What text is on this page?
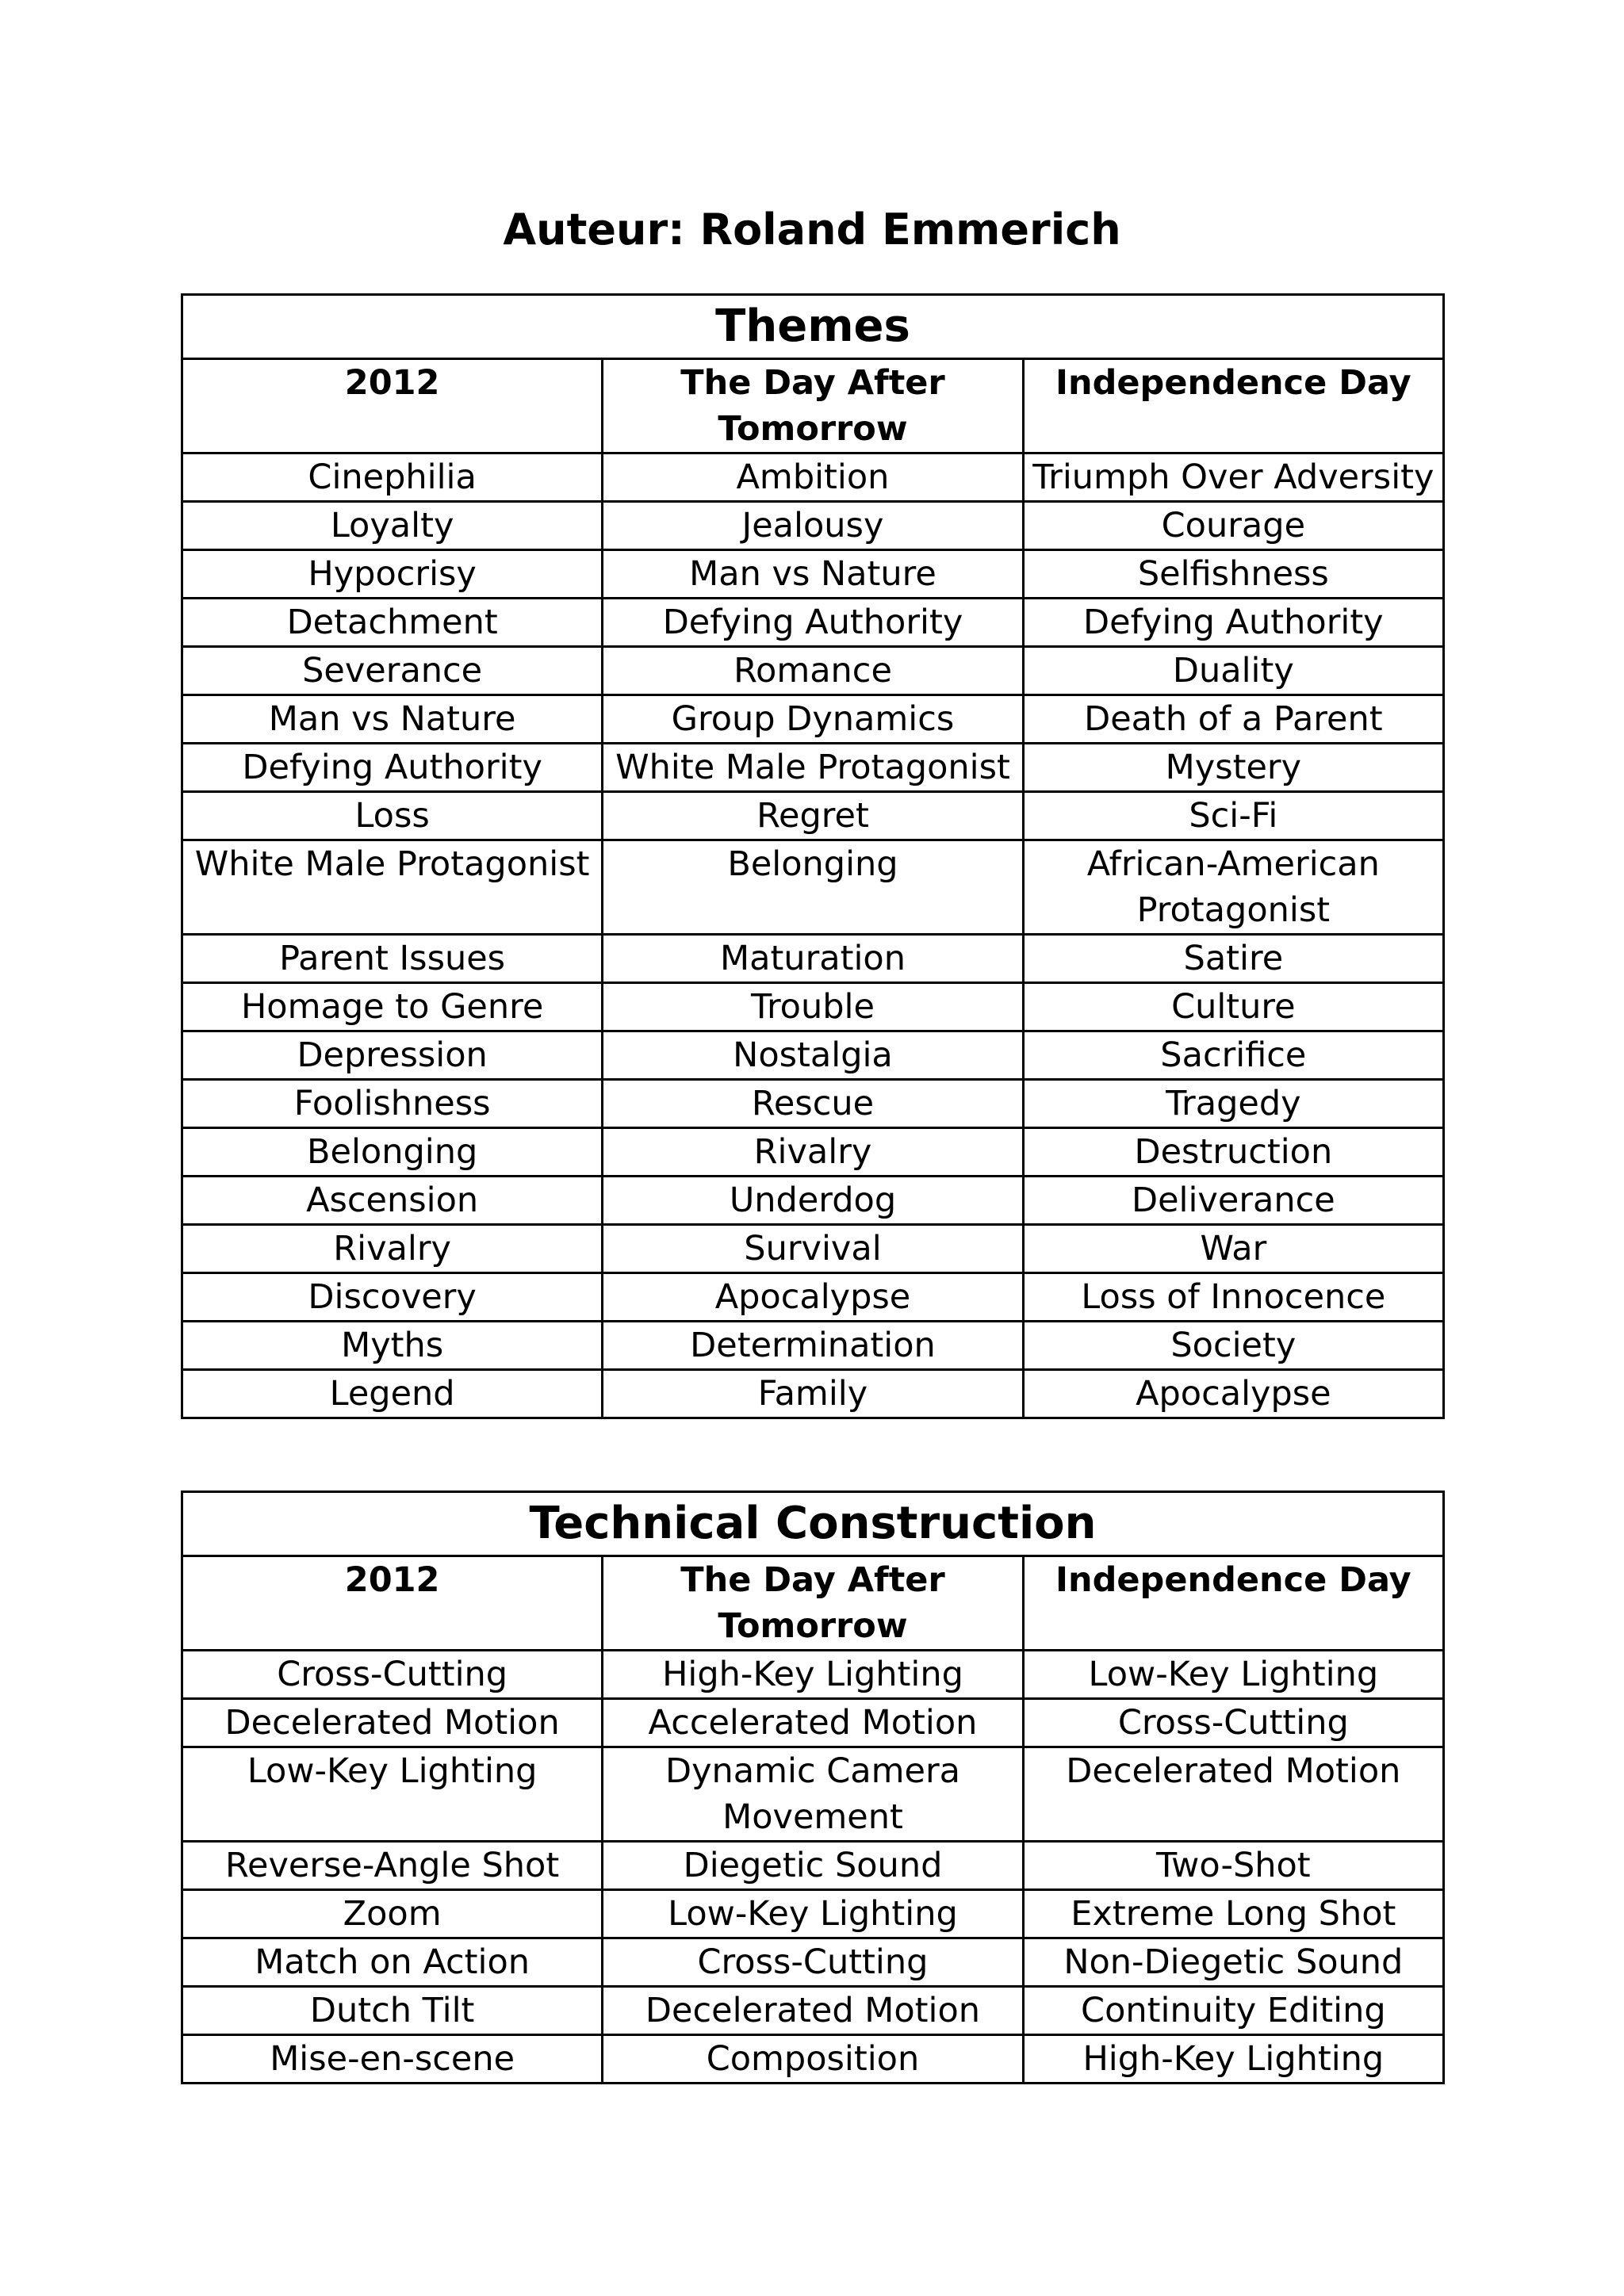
Auteur: Roland Emmerich
Themes		
2012	The Day After Tomorrow	Independence Day
Cinephilia	Ambition	Triumph Over Adversity
Loyalty	Jealousy	Courage
Hypocrisy	Man vs Nature	Selfishness
Detachment	Defying Authority	Defying Authority
Severance	Romance	Duality
Man vs Nature	Group Dynamics	Death of a Parent
Defying Authority	White Male Protagonist	Mystery
Loss	Regret	Sci-Fi
White Male Protagonist	Belonging	African-American Protagonist
Parent Issues	Maturation	Satire
Homage to Genre	Trouble	Culture
Depression	Nostalgia	Sacrifice
Foolishness	Rescue	Tragedy
Belonging	Rivalry	Destruction
Ascension	Underdog	Deliverance
Rivalry	Survival	War
Discovery	Apocalypse	Loss of Innocence
Myths	Determination	Society
Legend	Family	Apocalypse
Technical Construction		
2012	The Day After Tomorrow	Independence Day
Cross-Cutting	High-Key Lighting	Low-Key Lighting
Decelerated Motion	Accelerated Motion	Cross-Cutting
Low-Key Lighting	Dynamic Camera Movement	Decelerated Motion
Reverse-Angle Shot	Diegetic Sound	Two-Shot
Zoom	Low-Key Lighting	Extreme Long Shot
Match on Action	Cross-Cutting	Non-Diegetic Sound
Dutch Tilt	Decelerated Motion	Continuity Editing
Mise-en-scene	Composition	High-Key Lighting
